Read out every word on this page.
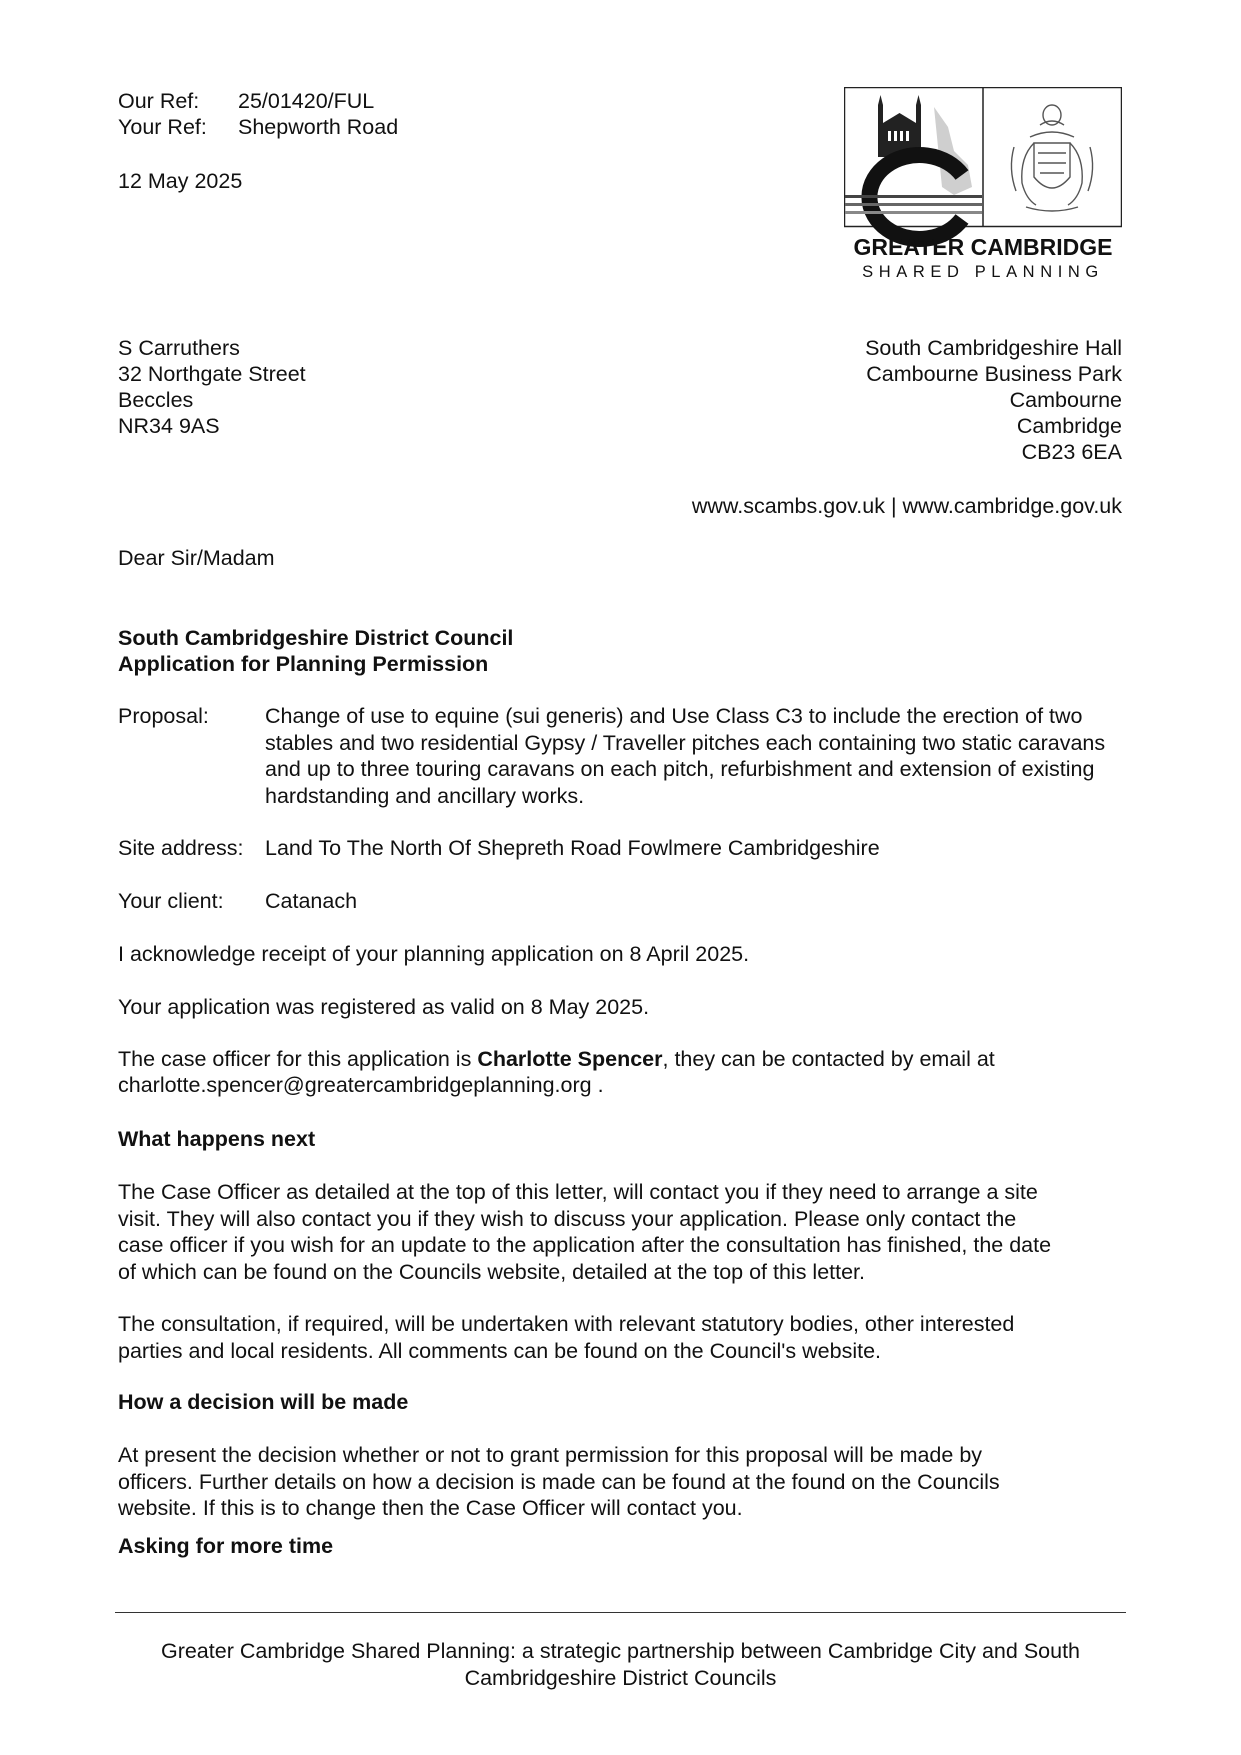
Our Ref: 25/01420/FUL
Your Ref: Shepworth Road
12 May 2025
GREATER CAMBRIDGE
SHARED PLANNING
S Carruthers
32 Northgate Street
Beccles
NR34 9AS
South Cambridgeshire Hall
Cambourne Business Park
Cambourne
Cambridge
CB23 6EA
www.scambs.gov.uk | www.cambridge.gov.uk
Dear Sir/Madam
South Cambridgeshire District Council
Application for Planning Permission
Proposal:	Change of use to equine (sui generis) and Use Class C3 to include the erection of two stables and two residential Gypsy / Traveller pitches each containing two static caravans and up to three touring caravans on each pitch, refurbishment and extension of existing hardstanding and ancillary works.
Site address: Land To The North Of Shepreth Road Fowlmere Cambridgeshire
Your client: Catanach
I acknowledge receipt of your planning application on 8 April 2025.
Your application was registered as valid on 8 May 2025.
The case officer for this application is Charlotte Spencer, they can be contacted by email at
charlotte.spencer@greatercambridgeplanning.org .
What happens next
The Case Officer as detailed at the top of this letter, will contact you if they need to arrange a site
visit. They will also contact you if they wish to discuss your application. Please only contact the
case officer if you wish for an update to the application after the consultation has finished, the date
of which can be found on the Councils website, detailed at the top of this letter.
The consultation, if required, will be undertaken with relevant statutory bodies, other interested
parties and local residents. All comments can be found on the Council's website.
How a decision will be made
At present the decision whether or not to grant permission for this proposal will be made by
officers. Further details on how a decision is made can be found at the found on the Councils
website. If this is to change then the Case Officer will contact you.
Asking for more time
Greater Cambridge Shared Planning: a strategic partnership between Cambridge City and South Cambridgeshire District Councils
